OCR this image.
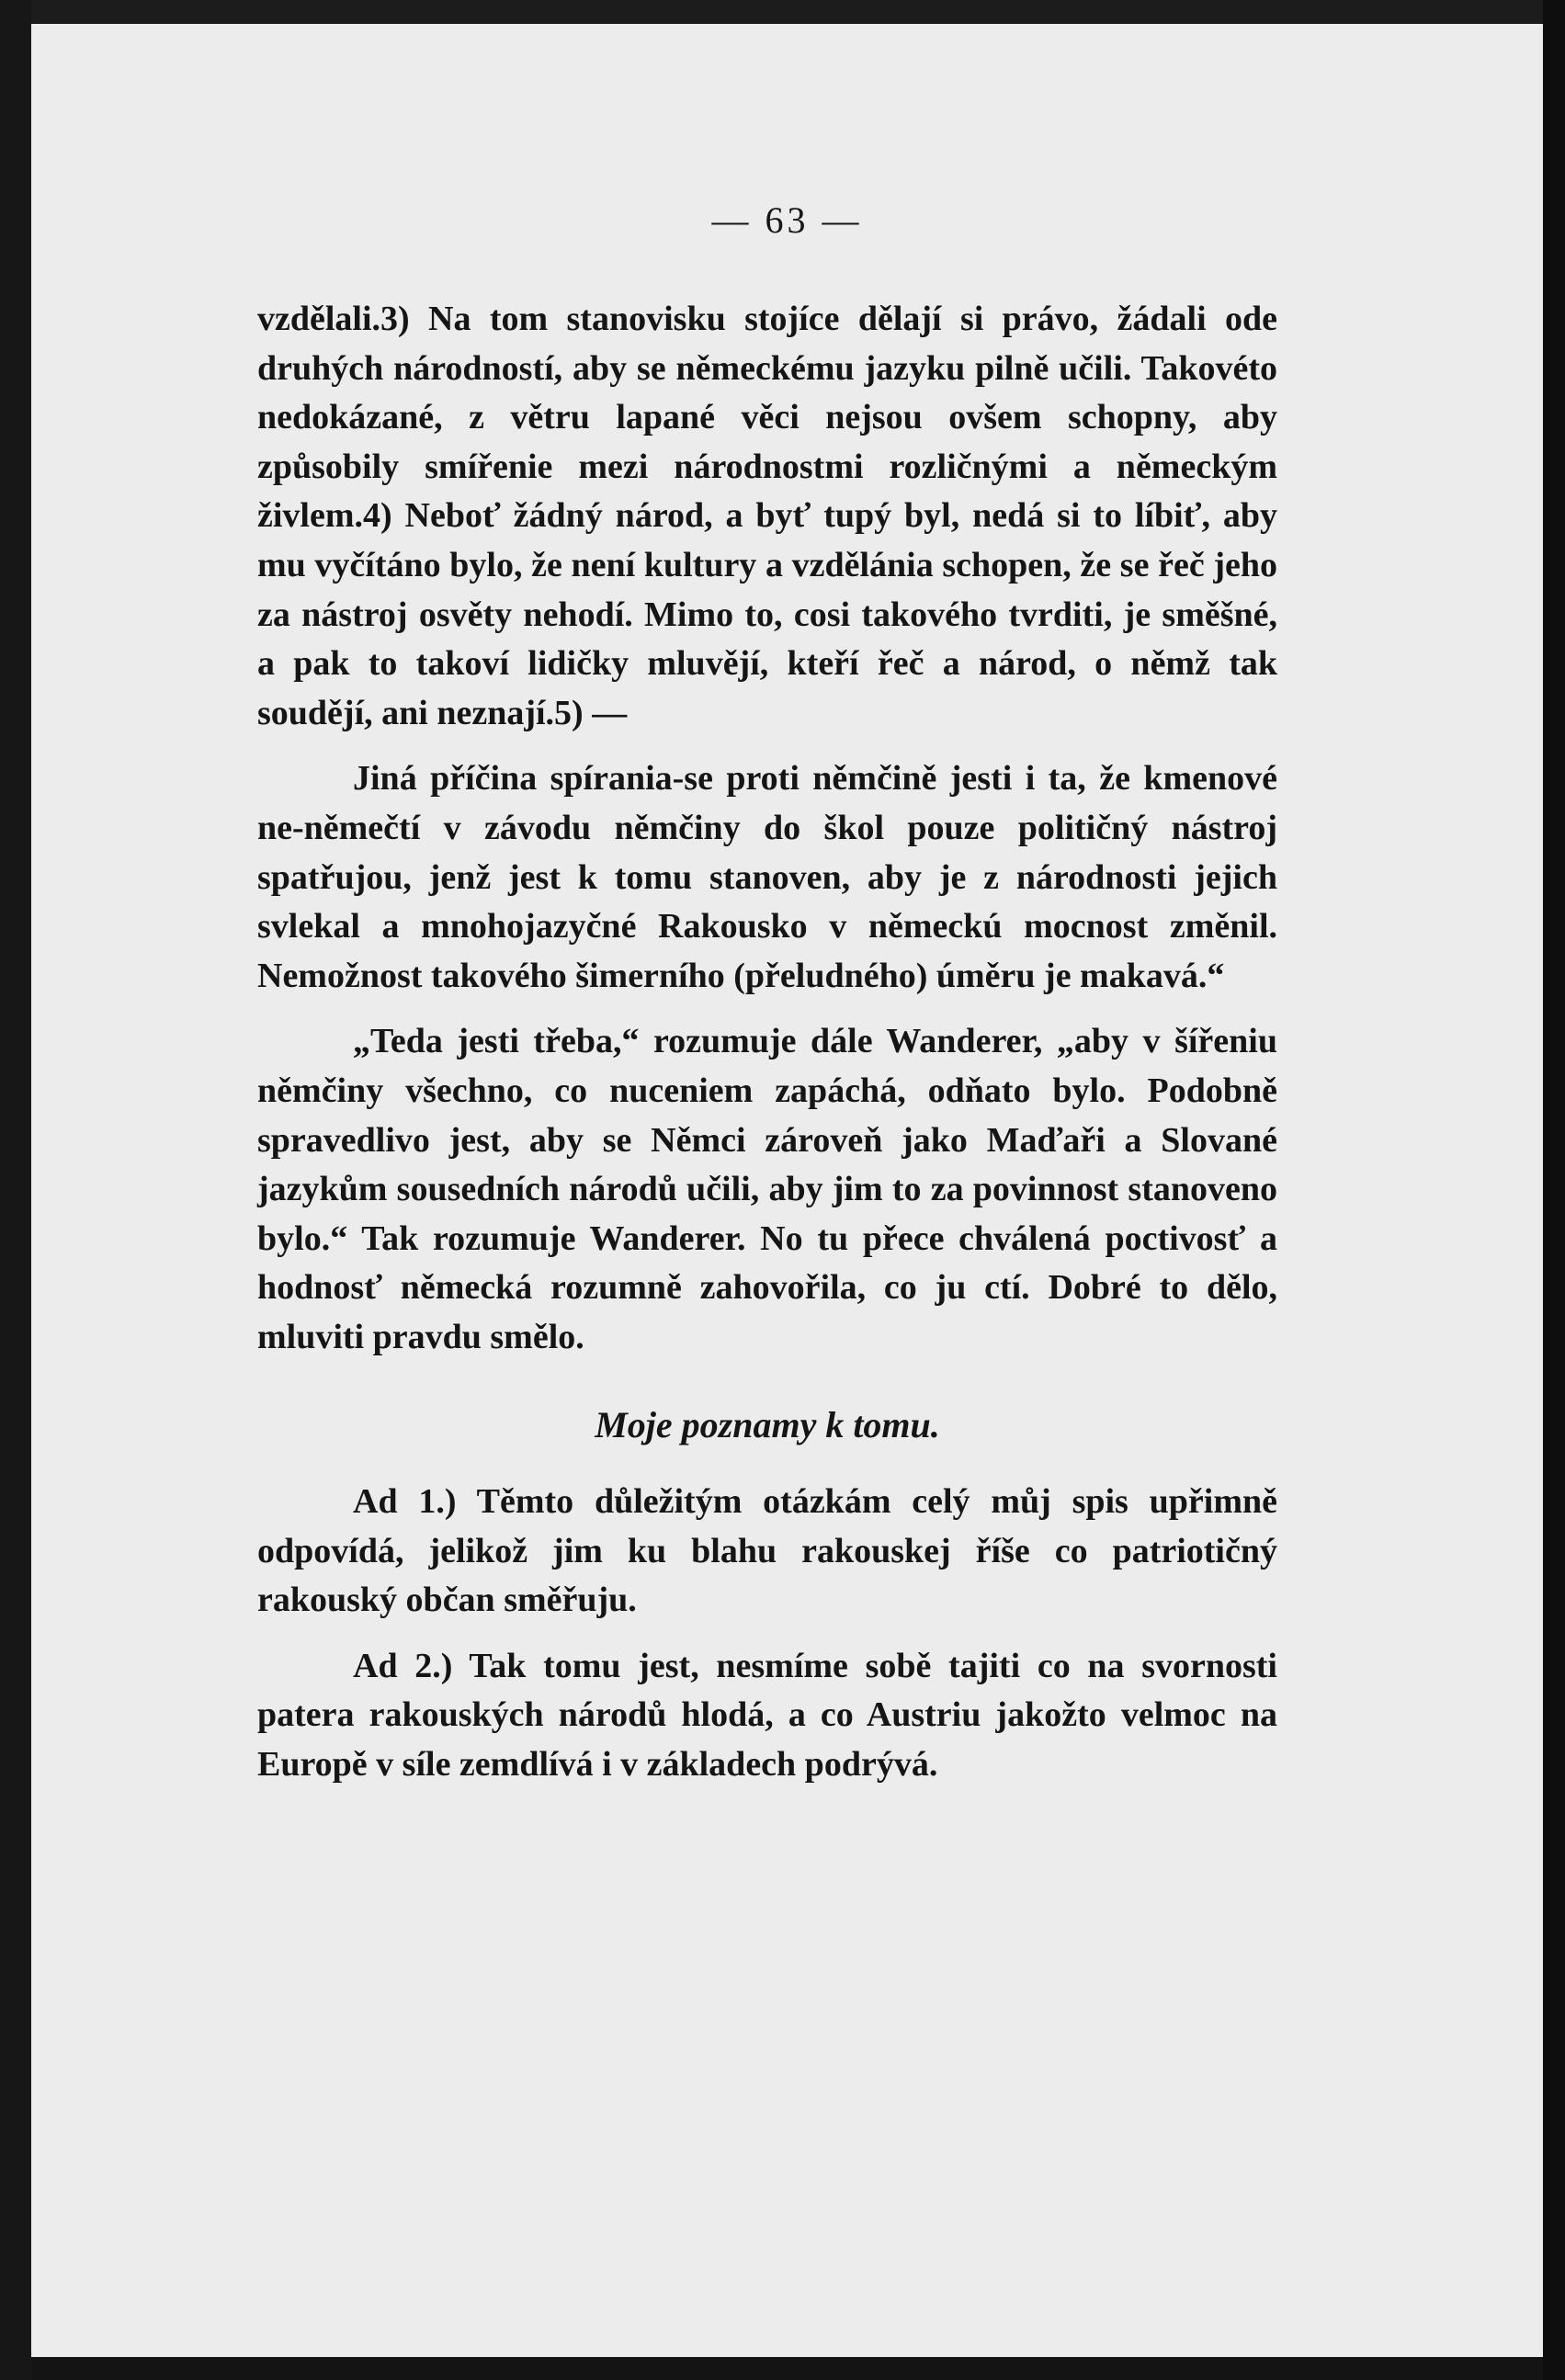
— 63 —

vzdělali.3) Na tom stanovisku stojíce dělají si právo, žádali ode druhých národností, aby se německému jazyku pilně učili. Takovéto nedokázané, z větru lapané věci nejsou ovšem schopny, aby způsobily smířenie mezi národnostmi rozličnými a německým živlem.4) Neboť žádný národ, a byť tupý byl, nedá si to líbiť, aby mu vyčítáno bylo, že není kultury a vzdělánia schopen, že se řeč jeho za nástroj osvěty nehodí. Mimo to, cosi takového tvrditi, je směšné, a pak to takoví lidičky mluvějí, kteří řeč a národ, o němž tak soudějí, ani neznají.5) —

Jiná příčina spírania-se proti němčině jesti i ta, že kmenové ne-němečtí v závodu němčiny do škol pouze političný nástroj spatřujou, jenž jest k tomu stanoven, aby je z národnosti jejich svlekal a mnohojazyčné Rakousko v německú mocnost změnil. Nemožnost takového šimerního (přeludného) úměru je makavá.“

„Teda jesti třeba,“ rozumuje dále Wanderer, „aby v šířeniu němčiny všechno, co nuceniem zapáchá, odňato bylo. Podobně spravedlivo jest, aby se Němci zároveň jako Maďaři a Slované jazykům sousedních národů učili, aby jim to za povinnost stanoveno bylo.“ Tak rozumuje Wanderer. No tu přece chválená poctivosť a hodnosť německá rozumně zahovořila, co ju ctí. Dobré to dělo, mluviti pravdu smělo.

Moje poznamy k tomu.

Ad 1.) Těmto důležitým otázkám celý můj spis upřimně odpovídá, jelikož jim ku blahu rakouskej říše co patriotičný rakouský občan směřuju.

Ad 2.) Tak tomu jest, nesmíme sobě tajiti co na svornosti patera rakouských národů hlodá, a co Austriu jakožto velmoc na Europě v síle zemdlívá i v základech podrývá.
